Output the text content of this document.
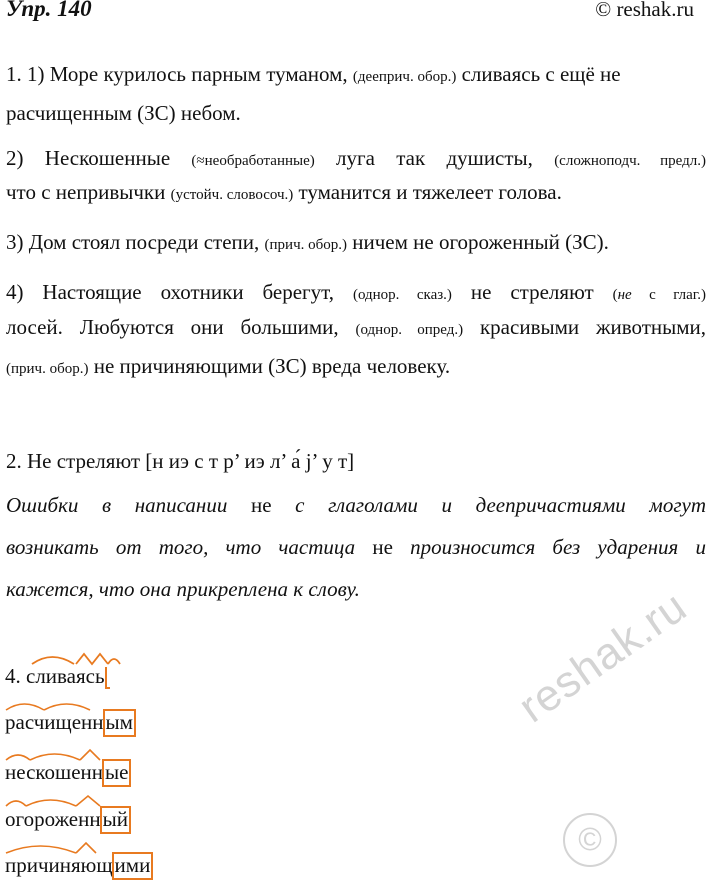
Упр. 140	© reshak.ru
1. 1) Море курилось парным туманом, (дееприч. обор.) сливаясь с ещё не
расчищенным (ЗС) небом.
2) Нескошенные (≈необработанные) луга так душисты, (сложноподч. предл.)
что с непривычки (устойч. словосоч.) туманится и тяжелеет голова.
3) Дом стоял посреди степи, (прич. обор.) ничем не огороженный (ЗС).
4) Настоящие охотники берегут, (однор. сказ.) не стреляют (не с глаг.)
лосей. Любуются они большими, (однор. опред.) красивыми животными,
(прич. обор.) не причиняющими (ЗС) вреда человеку.
2. Не стреляют [н иэ с т р’ иэ л’ а́ j’ у т]
Ошибки в написании не с глаголами и деепричастиями могут
возникать от того, что частица не произносится без ударения и
кажется, что она прикреплена к слову.
4. сливаясь
расчищенным
нескошенные
огороженный
причиняющими
reshak.ru
©
